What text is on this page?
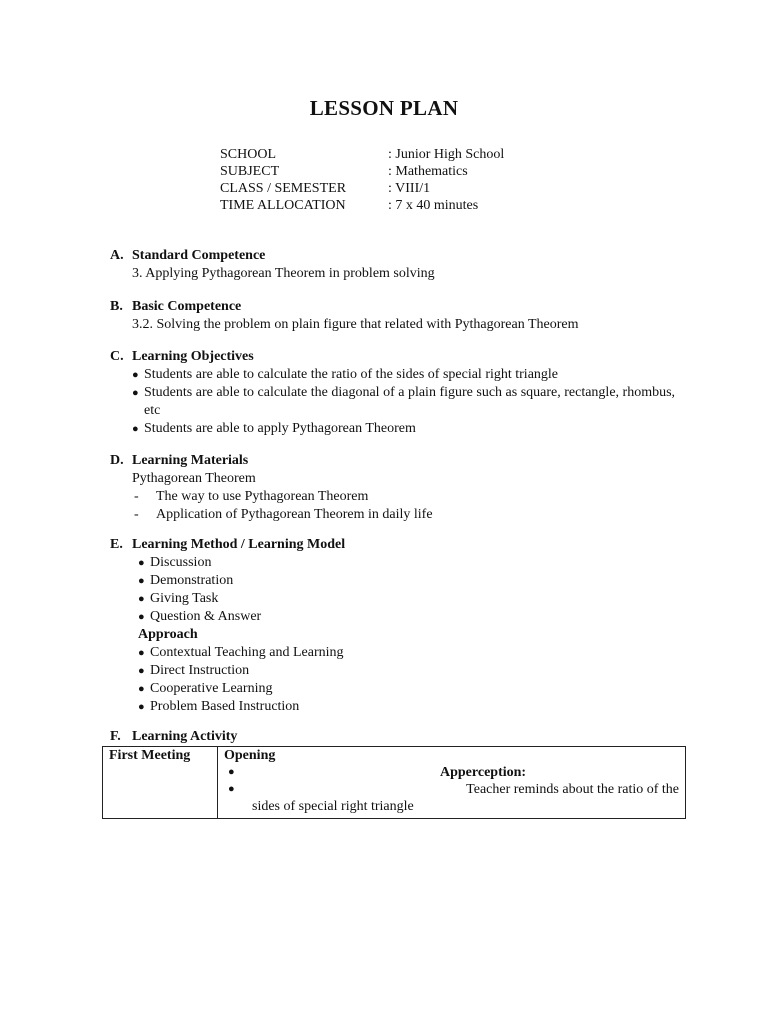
LESSON PLAN
SCHOOL	: Junior High School
SUBJECT	: Mathematics
CLASS / SEMESTER	: VIII/1
TIME ALLOCATION	: 7 x 40 minutes
A. Standard Competence
3. Applying Pythagorean Theorem in problem solving
B. Basic Competence
3.2. Solving the problem on plain figure that related with Pythagorean Theorem
C. Learning Objectives
● Students are able to calculate the ratio of the sides of special right triangle
● Students are able to calculate the diagonal of a plain figure such as square, rectangle, rhombus, etc
● Students are able to apply Pythagorean Theorem
D. Learning Materials
Pythagorean Theorem
-	The way to use Pythagorean Theorem
-	Application of Pythagorean Theorem in daily life
E. Learning Method / Learning Model
● Discussion
● Demonstration
● Giving Task
● Question & Answer
Approach
● Contextual Teaching and Learning
● Direct Instruction
● Cooperative Learning
● Problem Based Instruction
F. Learning Activity
First Meeting	Opening
●	Apperception:
●	Teacher reminds about the ratio of the
sides of special right triangle
